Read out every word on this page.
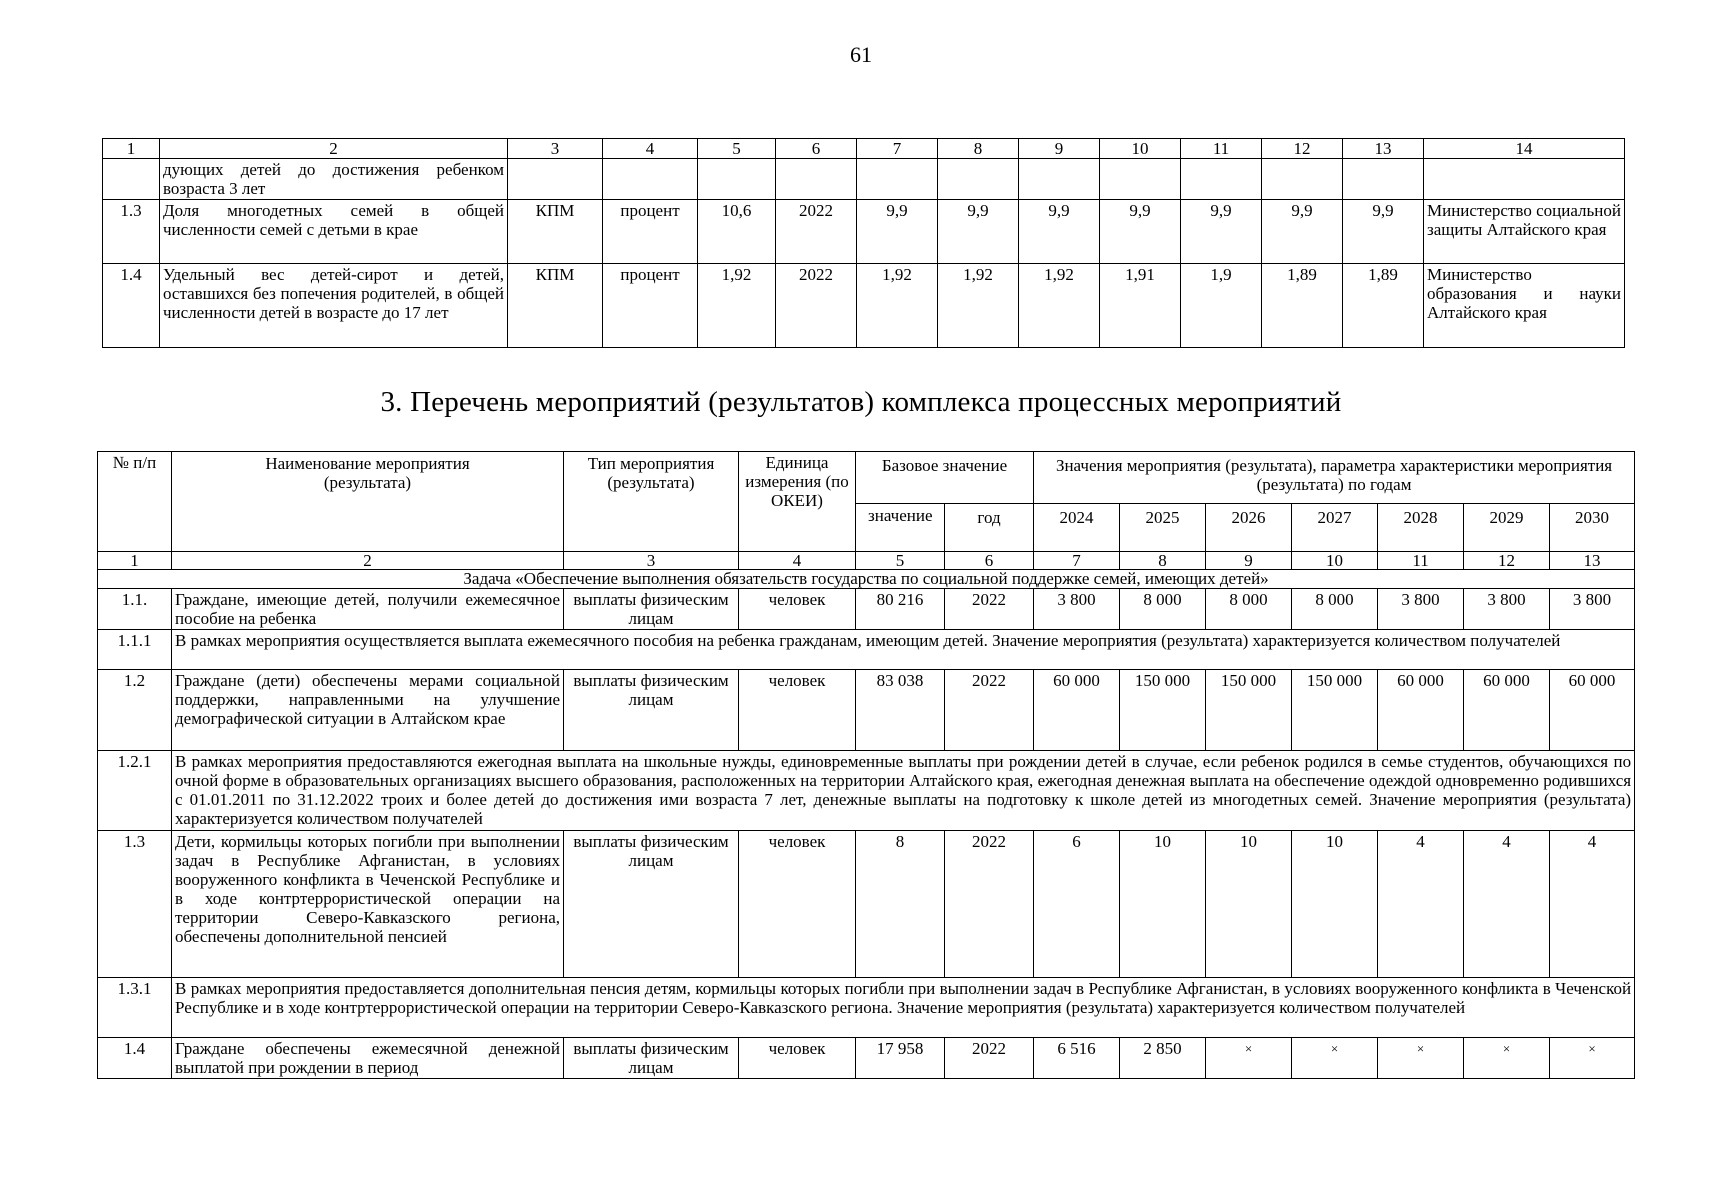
61
1	2	3	4	5	6	7	8	9	10	11	12	13	14
	дующих детей до достижения ребенком возраста 3 лет												
1.3	Доля многодетных семей в общей численности семей с детьми в крае	КПМ	процент	10,6	2022	9,9	9,9	9,9	9,9	9,9	9,9	9,9	Министерство социальной защиты Алтайского края
1.4	Удельный вес детей-сирот и детей, оставшихся без попечения родителей, в общей численности детей в возрасте до 17 лет	КПМ	процент	1,92	2022	1,92	1,92	1,92	1,91	1,9	1,89	1,89	Министерство образования и науки Алтайского края
3. Перечень мероприятий (результатов) комплекса процессных мероприятий
№ п/п	Наименование мероприятия (результата)	Тип мероприятия (результата)	Единица измерения (по ОКЕИ)	Базовое значение		Значения мероприятия (результата), параметра характеристики мероприятия (результата) по годам						
				значение	год	2024	2025	2026	2027	2028	2029	2030
1	2	3	4	5	6	7	8	9	10	11	12	13
Задача «Обеспечение выполнения обязательств государства по социальной поддержке семей, имеющих детей»												
1.1.	Граждане, имеющие детей, получили ежемесячное пособие на ребенка	выплаты физическим лицам	человек	80 216	2022	3 800	8 000	8 000	8 000	3 800	3 800	3 800
1.1.1	В рамках мероприятия осуществляется выплата ежемесячного пособия на ребенка гражданам, имеющим детей. Значение мероприятия (результата) характеризуется количеством получателей											
1.2	Граждане (дети) обеспечены мерами социальной поддержки, направленными на улучшение демографической ситуации в Алтайском крае	выплаты физическим лицам	человек	83 038	2022	60 000	150 000	150 000	150 000	60 000	60 000	60 000
1.2.1	В рамках мероприятия предоставляются ежегодная выплата на школьные нужды, единовременные выплаты при рождении детей в случае, если ребенок родился в семье студентов, обучающихся по очной форме в образовательных организациях высшего образования, расположенных на территории Алтайского края, ежегодная денежная выплата на обеспечение одеждой одновременно родившихся с 01.01.2011 по 31.12.2022 троих и более детей до достижения ими возраста 7 лет, денежные выплаты на подготовку к школе детей из многодетных семей. Значение мероприятия (результата) характеризуется количеством получателей											
1.3	Дети, кормильцы которых погибли при выполнении задач в Республике Афганистан, в условиях вооруженного конфликта в Чеченской Республике и в ходе контртеррористической операции на территории Северо-Кавказского региона, обеспечены дополнительной пенсией	выплаты физическим лицам	человек	8	2022	6	10	10	10	4	4	4
1.3.1	В рамках мероприятия предоставляется дополнительная пенсия детям, кормильцы которых погибли при выполнении задач в Республике Афганистан, в условиях вооруженного конфликта в Чеченской Республике и в ходе контртеррористической операции на территории Северо-Кавказского региона. Значение мероприятия (результата) характеризуется количеством получателей											
1.4	Граждане обеспечены ежемесячной денежной выплатой при рождении в период	выплаты физическим лицам	человек	17 958	2022	6 516	2 850	×	×	×	×	×
